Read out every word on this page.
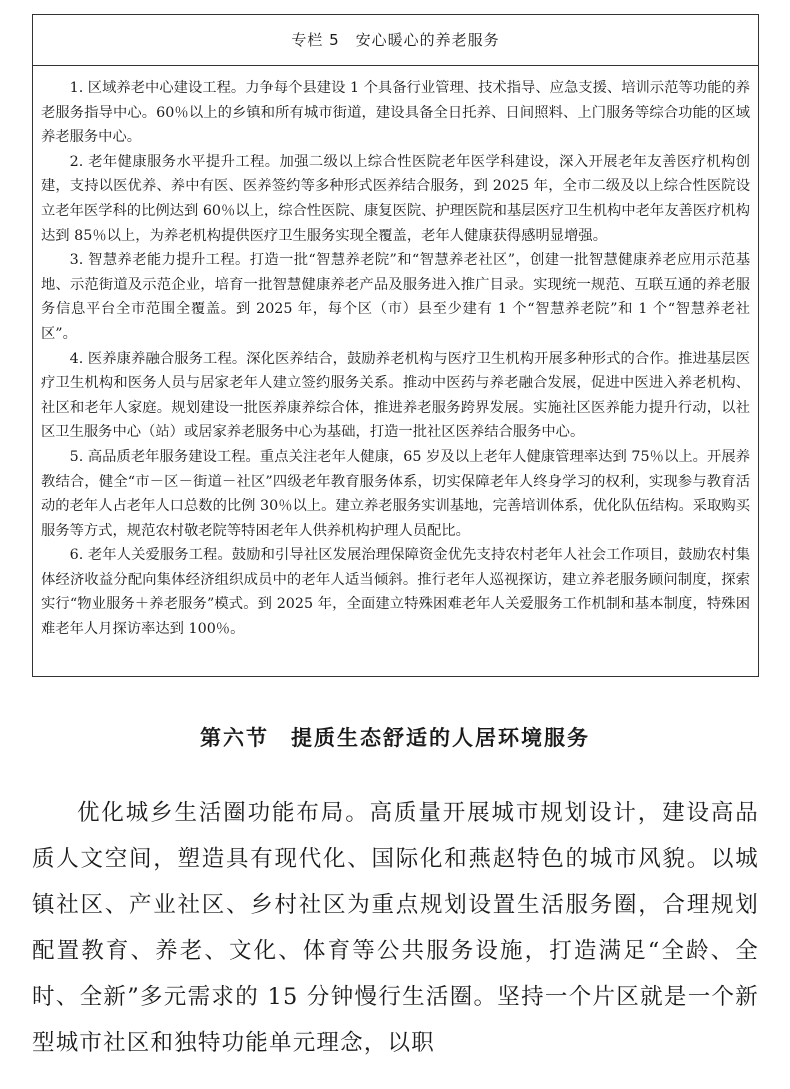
专栏 5　安心暖心的养老服务

1. 区域养老中心建设工程。力争每个县建设 1 个具备行业管理、技术指导、应急支援、培训示范等功能的养老服务指导中心。60％以上的乡镇和所有城市街道，建设具备全日托养、日间照料、上门服务等综合功能的区域养老服务中心。

2. 老年健康服务水平提升工程。加强二级以上综合性医院老年医学科建设，深入开展老年友善医疗机构创建，支持以医优养、养中有医、医养签约等多种形式医养结合服务，到 2025 年，全市二级及以上综合性医院设立老年医学科的比例达到 60％以上，综合性医院、康复医院、护理医院和基层医疗卫生机构中老年友善医疗机构达到 85％以上，为养老机构提供医疗卫生服务实现全覆盖，老年人健康获得感明显增强。

3. 智慧养老能力提升工程。打造一批“智慧养老院”和“智慧养老社区”，创建一批智慧健康养老应用示范基地、示范街道及示范企业，培育一批智慧健康养老产品及服务进入推广目录。实现统一规范、互联互通的养老服务信息平台全市范围全覆盖。到 2025 年，每个区（市）县至少建有 1 个“智慧养老院”和 1 个“智慧养老社区”。

4. 医养康养融合服务工程。深化医养结合，鼓励养老机构与医疗卫生机构开展多种形式的合作。推进基层医疗卫生机构和医务人员与居家老年人建立签约服务关系。推动中医药与养老融合发展，促进中医进入养老机构、社区和老年人家庭。规划建设一批医养康养综合体，推进养老服务跨界发展。实施社区医养能力提升行动，以社区卫生服务中心（站）或居家养老服务中心为基础，打造一批社区医养结合服务中心。

5. 高品质老年服务建设工程。重点关注老年人健康，65 岁及以上老年人健康管理率达到 75％以上。开展养教结合，健全“市－区－街道－社区”四级老年教育服务体系，切实保障老年人终身学习的权利，实现参与教育活动的老年人占老年人口总数的比例 30％以上。建立养老服务实训基地，完善培训体系，优化队伍结构。采取购买服务等方式，规范农村敬老院等特困老年人供养机构护理人员配比。

6. 老年人关爱服务工程。鼓励和引导社区发展治理保障资金优先支持农村老年人社会工作项目，鼓励农村集体经济收益分配向集体经济组织成员中的老年人适当倾斜。推行老年人巡视探访，建立养老服务顾问制度，探索实行“物业服务＋养老服务”模式。到 2025 年，全面建立特殊困难老年人关爱服务工作机制和基本制度，特殊困难老年人月探访率达到 100％。

第六节 提质生态舒适的人居环境服务

优化城乡生活圈功能布局。高质量开展城市规划设计，建设高品质人文空间，塑造具有现代化、国际化和燕赵特色的城市风貌。以城镇社区、产业社区、乡村社区为重点规划设置生活服务圈，合理规划配置教育、养老、文化、体育等公共服务设施，打造满足“全龄、全时、全新”多元需求的 15 分钟慢行生活圈。坚持一个片区就是一个新型城市社区和独特功能单元理念，以职
